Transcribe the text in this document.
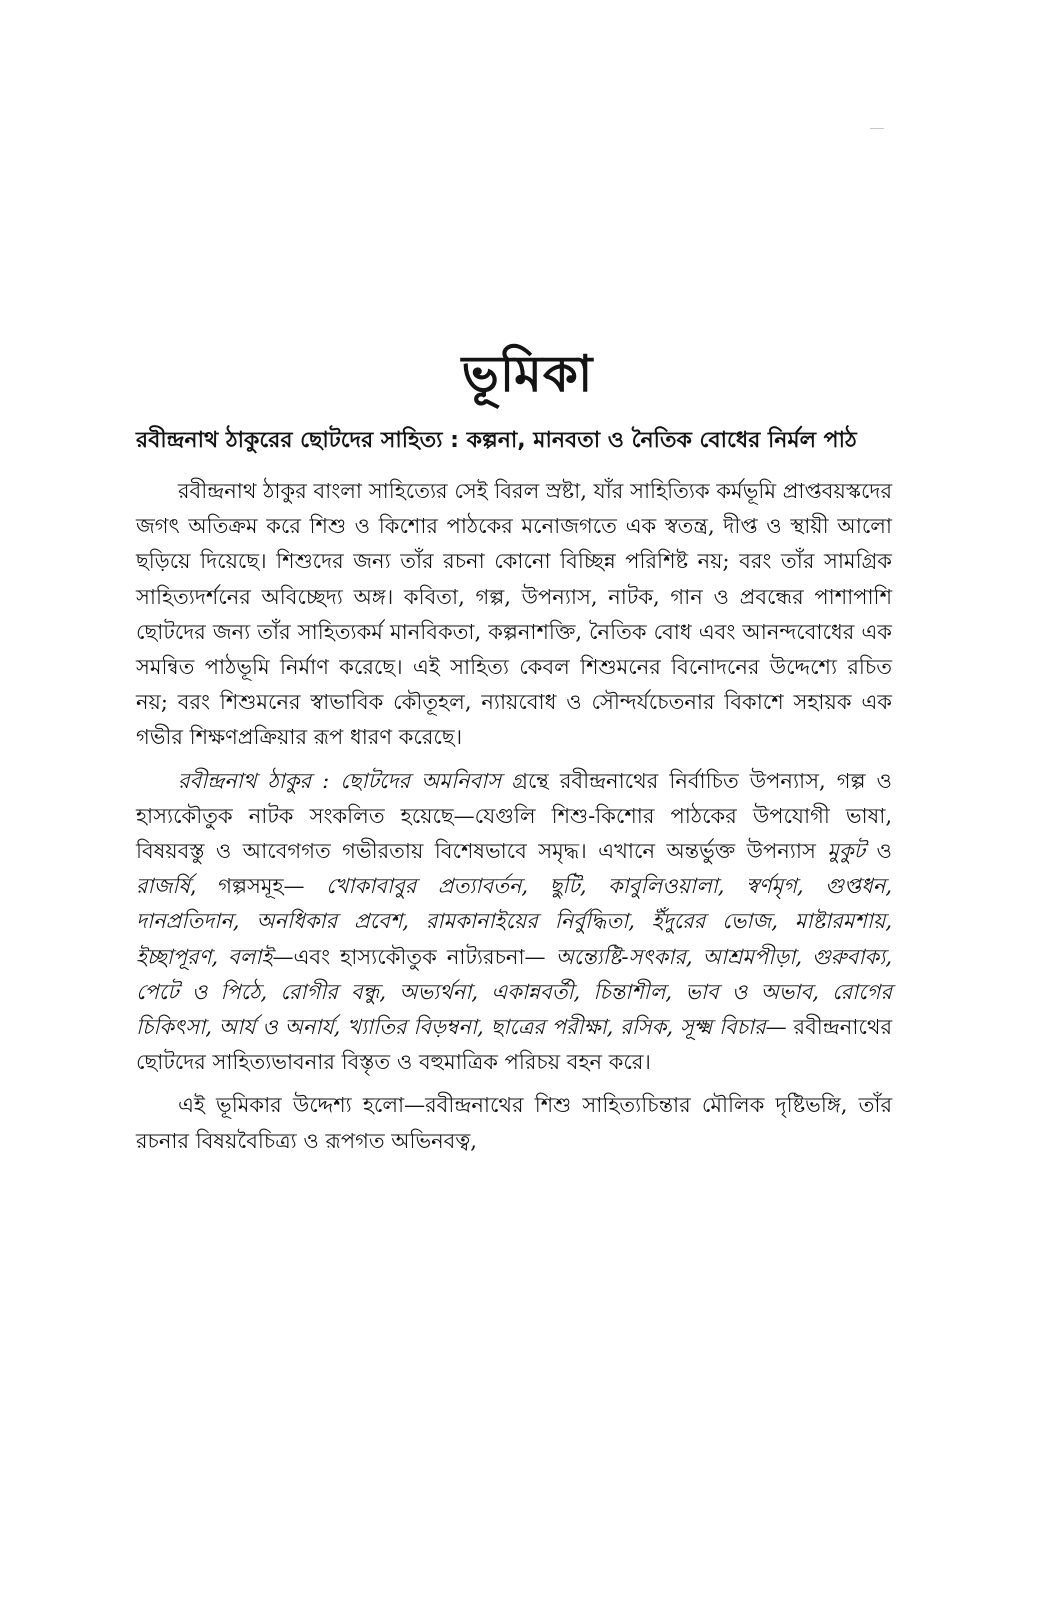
ভূমিকা

রবীন্দ্রনাথ ঠাকুরের ছোটদের সাহিত্য : কল্পনা, মানবতা ও নৈতিক বোধের নির্মল পাঠ

রবীন্দ্রনাথ ঠাকুর বাংলা সাহিত্যের সেই বিরল স্রষ্টা, যাঁর সাহিত্যিক কর্মভূমি প্রাপ্তবয়স্কদের জগৎ অতিক্রম করে শিশু ও কিশোর পাঠকের মনোজগতে এক স্বতন্ত্র, দীপ্ত ও স্থায়ী আলো ছড়িয়ে দিয়েছে। শিশুদের জন্য তাঁর রচনা কোনো বিচ্ছিন্ন পরিশিষ্ট নয়; বরং তাঁর সামগ্রিক সাহিত্যদর্শনের অবিচ্ছেদ্য অঙ্গ। কবিতা, গল্প, উপন্যাস, নাটক, গান ও প্রবন্ধের পাশাপাশি ছোটদের জন্য তাঁর সাহিত্যকর্ম মানবিকতা, কল্পনাশক্তি, নৈতিক বোধ এবং আনন্দবোধের এক সমন্বিত পাঠভূমি নির্মাণ করেছে। এই সাহিত্য কেবল শিশুমনের বিনোদনের উদ্দেশ্যে রচিত নয়; বরং শিশুমনের স্বাভাবিক কৌতূহল, ন্যায়বোধ ও সৌন্দর্যচেতনার বিকাশে সহায়ক এক গভীর শিক্ষণপ্রক্রিয়ার রূপ ধারণ করেছে।

রবীন্দ্রনাথ ঠাকুর : ছোটদের অমনিবাস গ্রন্থে রবীন্দ্রনাথের নির্বাচিত উপন্যাস, গল্প ও হাস্যকৌতুক নাটক সংকলিত হয়েছে—যেগুলি শিশু-কিশোর পাঠকের উপযোগী ভাষা, বিষয়বস্তু ও আবেগগত গভীরতায় বিশেষভাবে সমৃদ্ধ। এখানে অন্তর্ভুক্ত উপন্যাস মুকুট ও রাজর্ষি, গল্পসমূহ— খোকাবাবুর প্রত্যাবর্তন, ছুটি, কাবুলিওয়ালা, স্বর্ণমৃগ, গুপ্তধন, দানপ্রতিদান, অনধিকার প্রবেশ, রামকানাইয়ের নির্বুদ্ধিতা, ইঁদুরের ভোজ, মাষ্টারমশায়, ইচ্ছাপূরণ, বলাই—এবং হাস্যকৌতুক নাট্যরচনা— অন্ত্যেষ্টি-সৎকার, আশ্রমপীড়া, গুরুবাক্য, পেটে ও পিঠে, রোগীর বন্ধু, অভ্যর্থনা, একান্নবর্তী, চিন্তাশীল, ভাব ও অভাব, রোগের চিকিৎসা, আর্য ও অনার্য, খ্যাতির বিড়ম্বনা, ছাত্রের পরীক্ষা, রসিক, সূক্ষ্ম বিচার— রবীন্দ্রনাথের ছোটদের সাহিত্যভাবনার বিস্তৃত ও বহুমাত্রিক পরিচয় বহন করে।

এই ভূমিকার উদ্দেশ্য হলো—রবীন্দ্রনাথের শিশু সাহিত্যচিন্তার মৌলিক দৃষ্টিভঙ্গি, তাঁর রচনার বিষয়বৈচিত্র্য ও রূপগত অভিনবত্ব,
